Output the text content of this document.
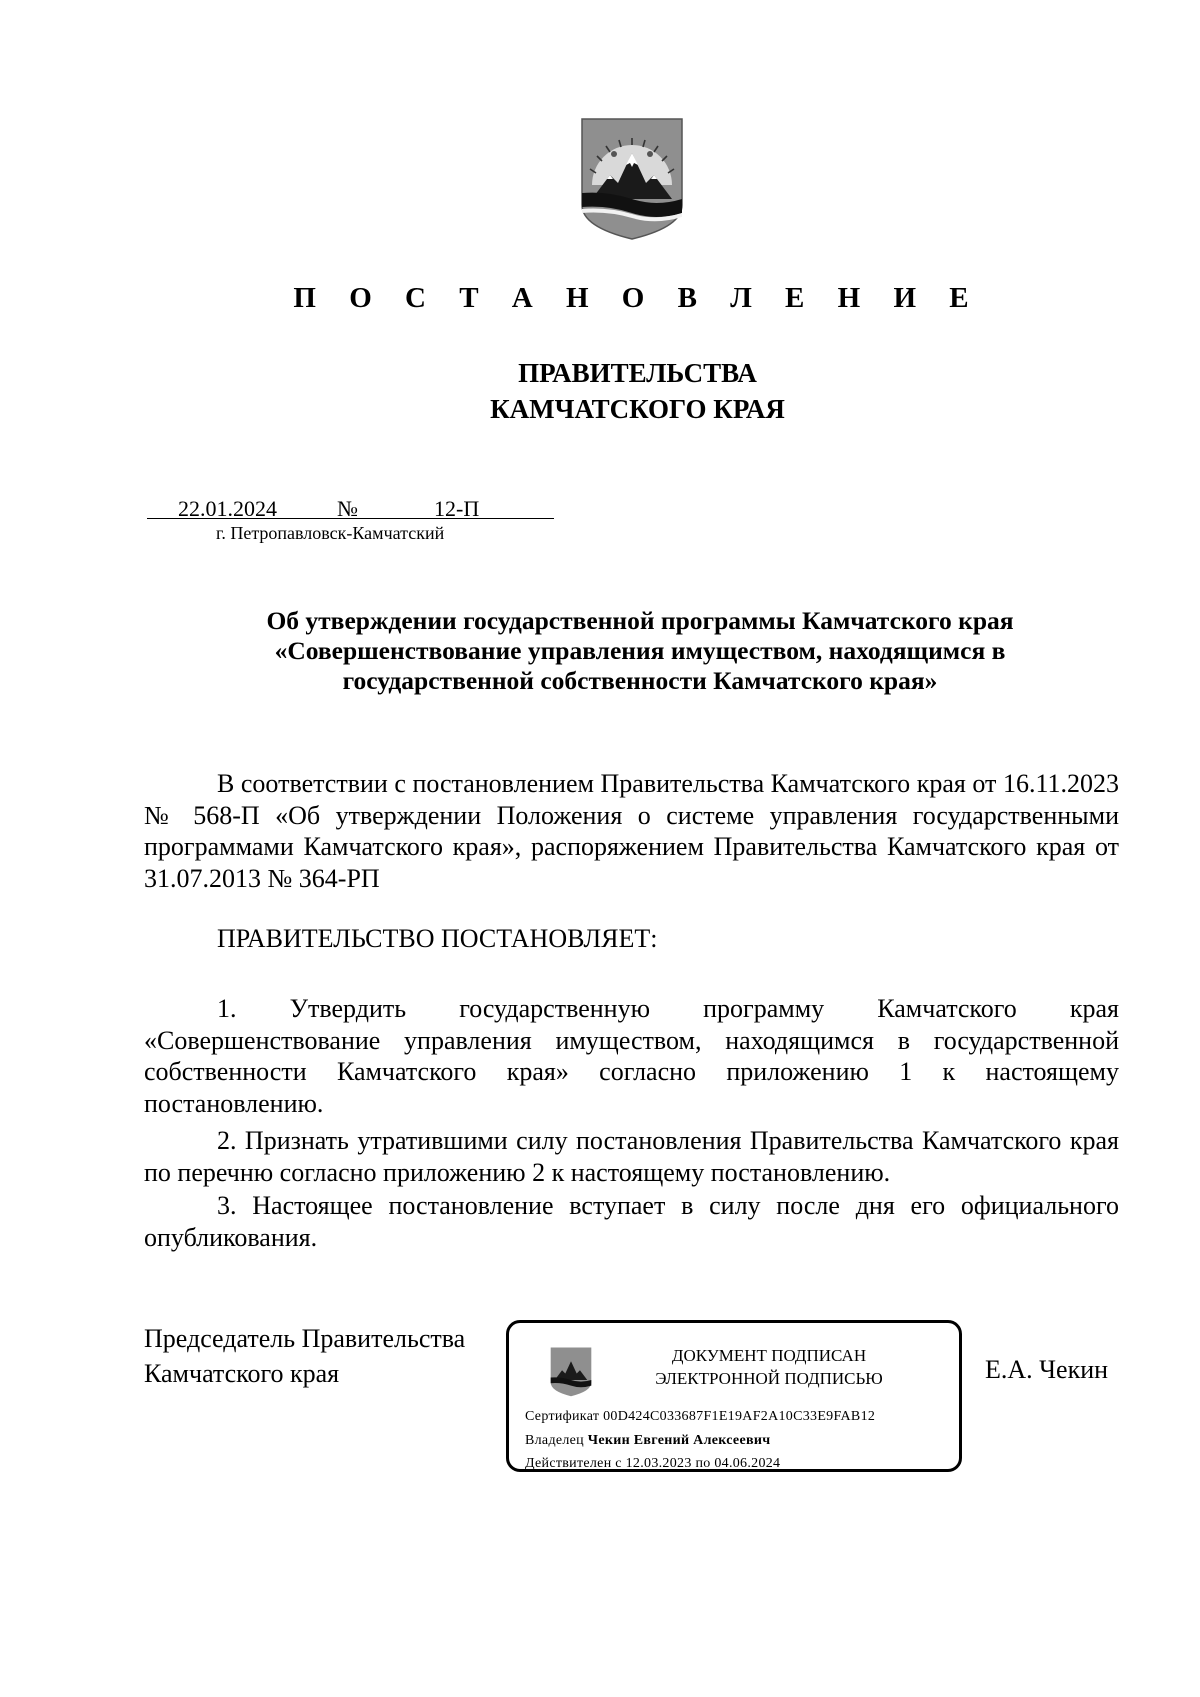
П О С Т А Н О В Л Е Н И Е
ПРАВИТЕЛЬСТВА
КАМЧАТСКОГО КРАЯ
22.01.2024	№	12-П
г. Петропавловск-Камчатский
Об утверждении государственной программы Камчатского края
«Совершенствование управления имуществом, находящимся в
государственной собственности Камчатского края»
В соответствии с постановлением Правительства Камчатского края от 16.11.2023 № 568-П «Об утверждении Положения о системе управления государственными программами Камчатского края», распоряжением Правительства Камчатского края от 31.07.2013 № 364-РП
ПРАВИТЕЛЬСТВО ПОСТАНОВЛЯЕТ:
1. Утвердить государственную программу Камчатского края «Совершенствование управления имуществом, находящимся в государственной собственности Камчатского края» согласно приложению 1 к настоящему постановлению.
2. Признать утратившими силу постановления Правительства Камчатского края по перечню согласно приложению 2 к настоящему постановлению.
3. Настоящее постановление вступает в силу после дня его официального опубликования.
Председатель Правительства
Камчатского края
ДОКУМЕНТ ПОДПИСАН
ЭЛЕКТРОННОЙ ПОДПИСЬЮ
Сертификат 00D424C033687F1E19AF2A10C33E9FAB12
Владелец Чекин Евгений Алексеевич
Действителен с 12.03.2023 по 04.06.2024
Е.А. Чекин
